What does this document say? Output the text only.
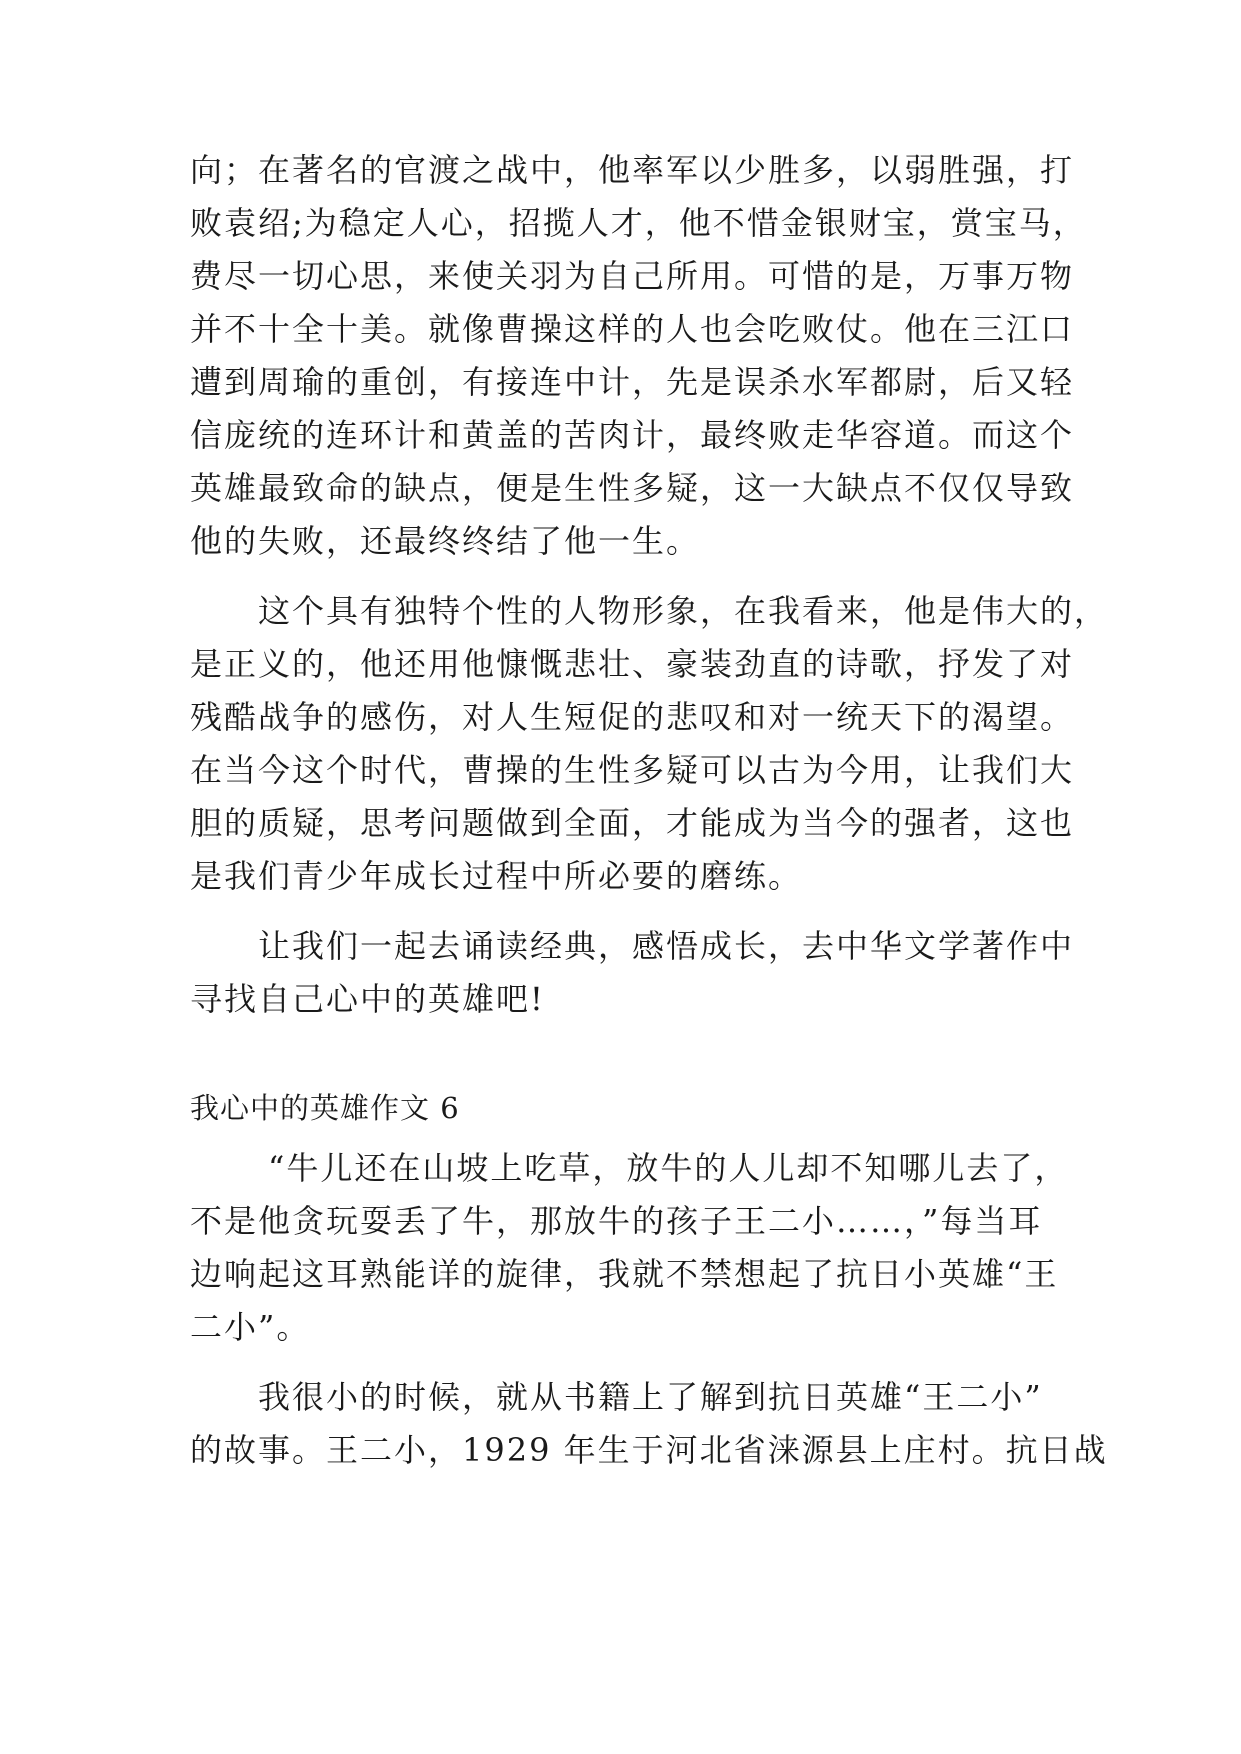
向；在著名的官渡之战中，他率军以少胜多，以弱胜强，打
败袁绍;为稳定人心，招揽人才，他不惜金银财宝，赏宝马，
费尽一切心思，来使关羽为自己所用。可惜的是，万事万物
并不十全十美。就像曹操这样的人也会吃败仗。他在三江口
遭到周瑜的重创，有接连中计，先是误杀水军都尉，后又轻
信庞统的连环计和黄盖的苦肉计，最终败走华容道。而这个
英雄最致命的缺点，便是生性多疑，这一大缺点不仅仅导致
他的失败，还最终终结了他一生。
这个具有独特个性的人物形象，在我看来，他是伟大的，
是正义的，他还用他慷慨悲壮、豪装劲直的诗歌，抒发了对
残酷战争的感伤，对人生短促的悲叹和对一统天下的渴望。
在当今这个时代，曹操的生性多疑可以古为今用，让我们大
胆的质疑，思考问题做到全面，才能成为当今的强者，这也
是我们青少年成长过程中所必要的磨练。
让我们一起去诵读经典，感悟成长，去中华文学著作中
寻找自己心中的英雄吧!
我心中的英雄作文 6
“牛儿还在山坡上吃草，放牛的人儿却不知哪儿去了，
不是他贪玩耍丢了牛，那放牛的孩子王二小……，”每当耳
边响起这耳熟能详的旋律，我就不禁想起了抗日小英雄“王
二小”。
我很小的时候，就从书籍上了解到抗日英雄“王二小”
的故事。王二小，1929 年生于河北省涞源县上庄村。抗日战
